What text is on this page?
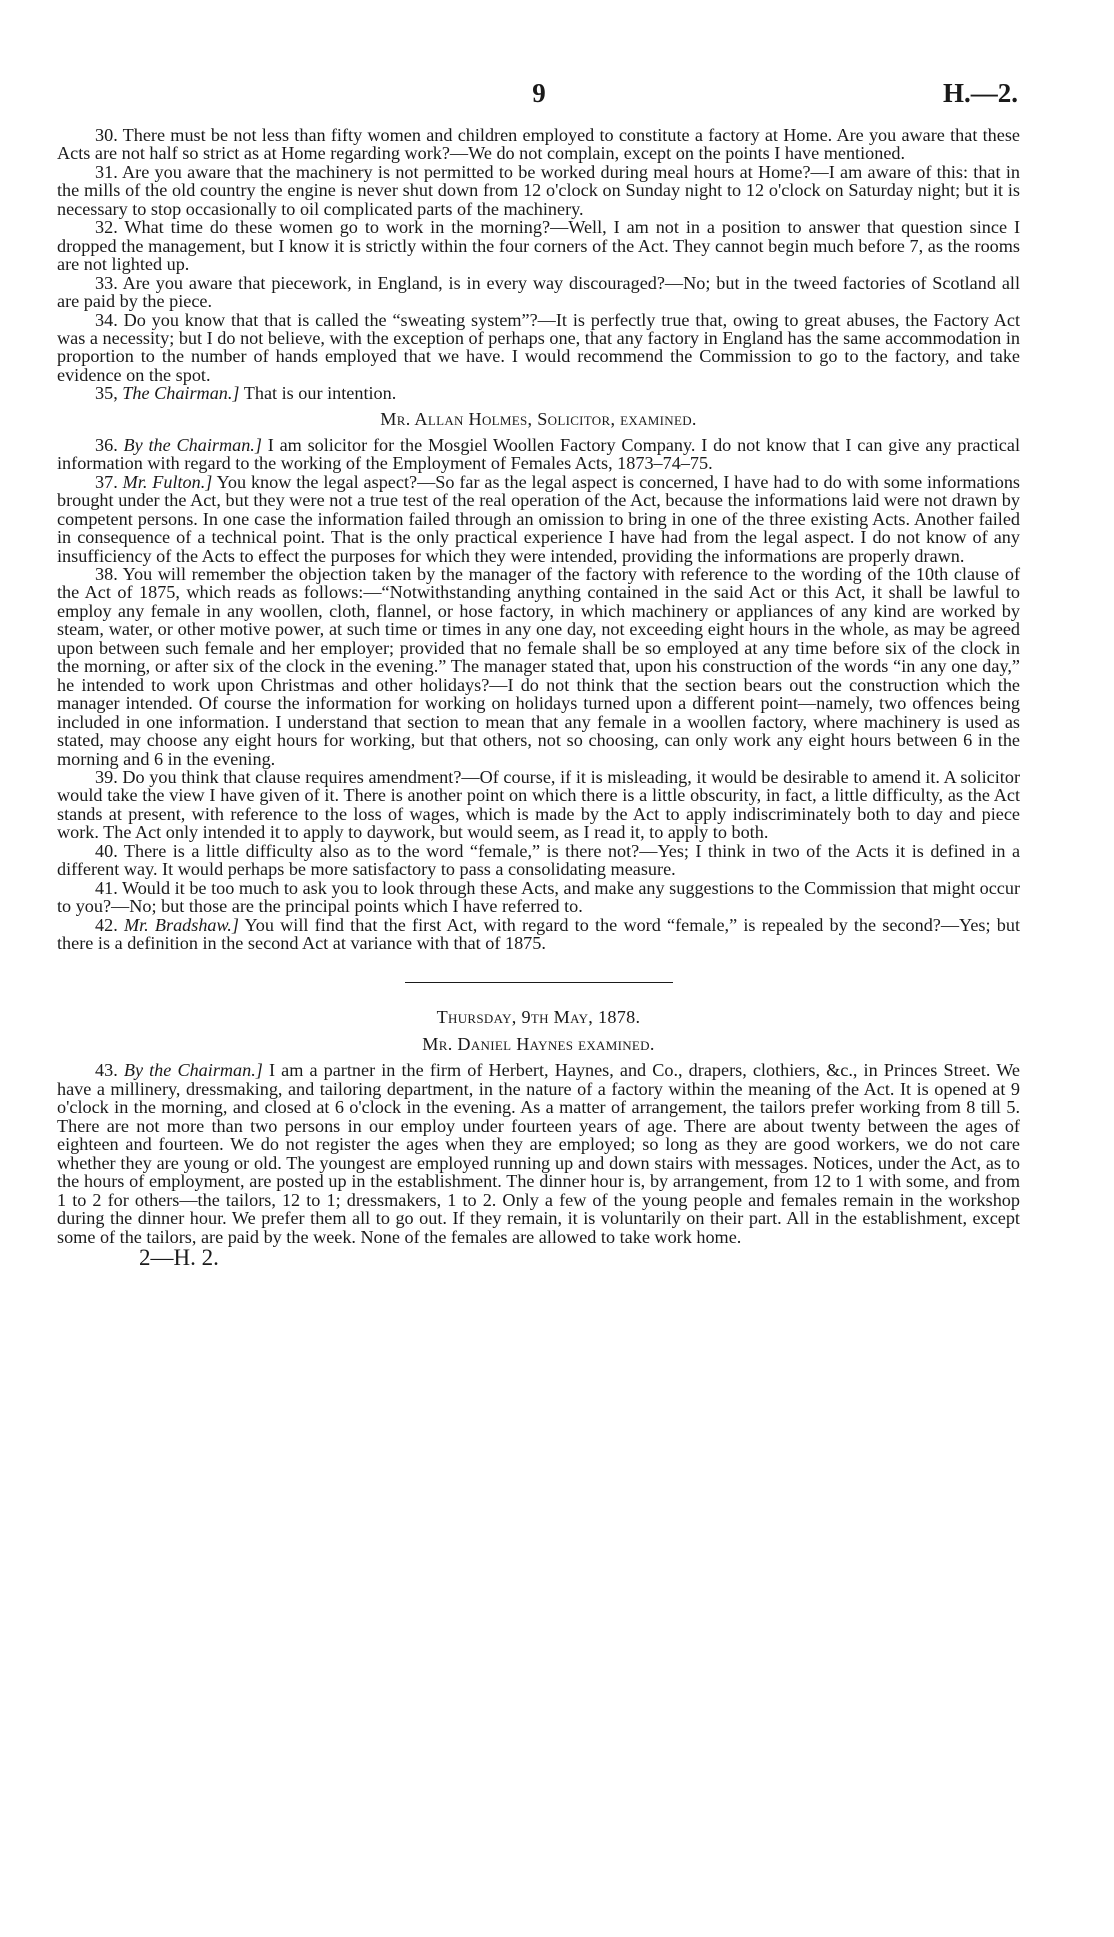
9	H.—2.

30. There must be not less than fifty women and children employed to constitute a factory at Home. Are you aware that these Acts are not half so strict as at Home regarding work?—We do not complain, except on the points I have mentioned.

31. Are you aware that the machinery is not permitted to be worked during meal hours at Home?—I am aware of this: that in the mills of the old country the engine is never shut down from 12 o'clock on Sunday night to 12 o'clock on Saturday night; but it is necessary to stop occasionally to oil complicated parts of the machinery.

32. What time do these women go to work in the morning?—Well, I am not in a position to answer that question since I dropped the management, but I know it is strictly within the four corners of the Act. They cannot begin much before 7, as the rooms are not lighted up.

33. Are you aware that piecework, in England, is in every way discouraged?—No; but in the tweed factories of Scotland all are paid by the piece.

34. Do you know that that is called the “sweating system”?—It is perfectly true that, owing to great abuses, the Factory Act was a necessity; but I do not believe, with the exception of perhaps one, that any factory in England has the same accommodation in proportion to the number of hands employed that we have. I would recommend the Commission to go to the factory, and take evidence on the spot.

35, The Chairman.] That is our intention.

Mr. Allan Holmes, Solicitor, examined.

36. By the Chairman.] I am solicitor for the Mosgiel Woollen Factory Company. I do not know that I can give any practical information with regard to the working of the Employment of Females Acts, 1873–74–75.

37. Mr. Fulton.] You know the legal aspect?—So far as the legal aspect is concerned, I have had to do with some informations brought under the Act, but they were not a true test of the real operation of the Act, because the informations laid were not drawn by competent persons. In one case the information failed through an omission to bring in one of the three existing Acts. Another failed in consequence of a technical point. That is the only practical experience I have had from the legal aspect. I do not know of any insufficiency of the Acts to effect the purposes for which they were intended, providing the informations are properly drawn.

38. You will remember the objection taken by the manager of the factory with reference to the wording of the 10th clause of the Act of 1875, which reads as follows:—“Notwithstanding anything contained in the said Act or this Act, it shall be lawful to employ any female in any woollen, cloth, flannel, or hose factory, in which machinery or appliances of any kind are worked by steam, water, or other motive power, at such time or times in any one day, not exceeding eight hours in the whole, as may be agreed upon between such female and her employer; provided that no female shall be so employed at any time before six of the clock in the morning, or after six of the clock in the evening.” The manager stated that, upon his construction of the words “in any one day,” he intended to work upon Christmas and other holidays?—I do not think that the section bears out the construction which the manager intended. Of course the information for working on holidays turned upon a different point—namely, two offences being included in one information. I understand that section to mean that any female in a woollen factory, where machinery is used as stated, may choose any eight hours for working, but that others, not so choosing, can only work any eight hours between 6 in the morning and 6 in the evening.

39. Do you think that clause requires amendment?—Of course, if it is misleading, it would be desirable to amend it. A solicitor would take the view I have given of it. There is another point on which there is a little obscurity, in fact, a little difficulty, as the Act stands at present, with reference to the loss of wages, which is made by the Act to apply indiscriminately both to day and piece work. The Act only intended it to apply to daywork, but would seem, as I read it, to apply to both.

40. There is a little difficulty also as to the word “female,” is there not?—Yes; I think in two of the Acts it is defined in a different way. It would perhaps be more satisfactory to pass a consolidating measure.

41. Would it be too much to ask you to look through these Acts, and make any suggestions to the Commission that might occur to you?—No; but those are the principal points which I have referred to.

42. Mr. Bradshaw.] You will find that the first Act, with regard to the word “female,” is repealed by the second?—Yes; but there is a definition in the second Act at variance with that of 1875.

Thursday, 9th May, 1878.
Mr. Daniel Haynes examined.

43. By the Chairman.] I am a partner in the firm of Herbert, Haynes, and Co., drapers, clothiers, &c., in Princes Street. We have a millinery, dressmaking, and tailoring department, in the nature of a factory within the meaning of the Act. It is opened at 9 o'clock in the morning, and closed at 6 o'clock in the evening. As a matter of arrangement, the tailors prefer working from 8 till 5. There are not more than two persons in our employ under fourteen years of age. There are about twenty between the ages of eighteen and fourteen. We do not register the ages when they are employed; so long as they are good workers, we do not care whether they are young or old. The youngest are employed running up and down stairs with messages. Notices, under the Act, as to the hours of employment, are posted up in the establishment. The dinner hour is, by arrangement, from 12 to 1 with some, and from 1 to 2 for others—the tailors, 12 to 1; dressmakers, 1 to 2. Only a few of the young people and females remain in the workshop during the dinner hour. We prefer them all to go out. If they remain, it is voluntarily on their part. All in the establishment, except some of the tailors, are paid by the week. None of the females are allowed to take work home.

2—H. 2.
